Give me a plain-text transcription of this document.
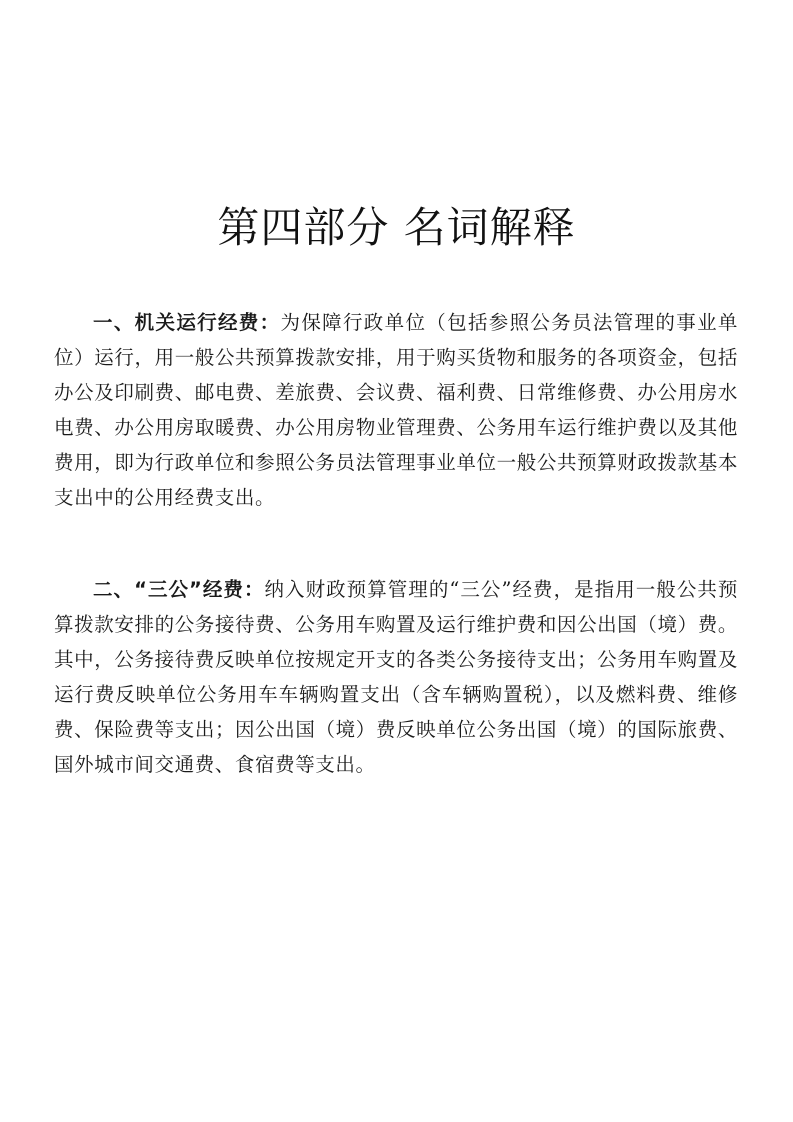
第四部分 名词解释

一、机关运行经费：为保障行政单位（包括参照公务员法管理的事业单位）运行，用一般公共预算拨款安排，用于购买货物和服务的各项资金，包括办公及印刷费、邮电费、差旅费、会议费、福利费、日常维修费、办公用房水电费、办公用房取暖费、办公用房物业管理费、公务用车运行维护费以及其他费用，即为行政单位和参照公务员法管理事业单位一般公共预算财政拨款基本支出中的公用经费支出。

二、“三公”经费：纳入财政预算管理的“三公”经费，是指用一般公共预算拨款安排的公务接待费、公务用车购置及运行维护费和因公出国（境）费。其中，公务接待费反映单位按规定开支的各类公务接待支出；公务用车购置及运行费反映单位公务用车车辆购置支出（含车辆购置税），以及燃料费、维修费、保险费等支出；因公出国（境）费反映单位公务出国（境）的国际旅费、国外城市间交通费、食宿费等支出。
